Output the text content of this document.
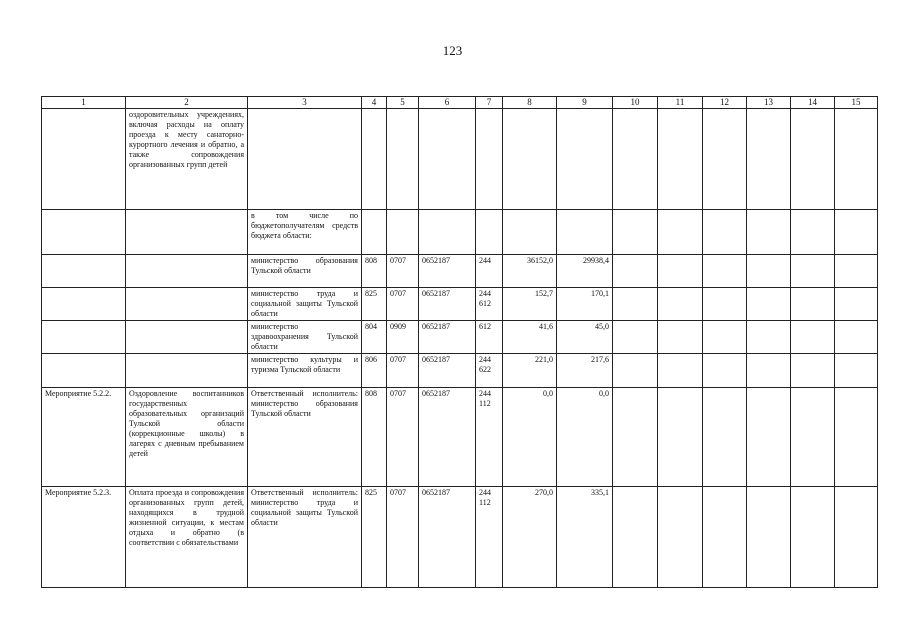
123
1	2	3	4	5	6	7	8	9	10	11	12	13	14	15
	оздоровительных учреждениях, включая расходы на оплату проезда к месту санаторно-курортного лечения и обратно, а также сопровождения организованных групп детей													
		в том числе по бюджетополучателям средств бюджета области:												
		министерство образования Тульской области	808	0707	0652187	244	36152,0	29938,4						
		министерство труда и социальной защиты Тульской области	825	0707	0652187	244 612	152,7	170,1						
		министерство здравоохранения Тульской области	804	0909	0652187	612	41,6	45,0						
		министерство культуры и туризма Тульской области	806	0707	0652187	244 622	221,0	217,6						
Мероприятие 5.2.2.	Оздоровление воспитанников государственных образовательных организаций Тульской области (коррекционные школы) в лагерях с дневным пребыванием детей	Ответственный исполнитель: министерство образования Тульской области	808	0707	0652187	244 112	0,0	0,0						
Мероприятие 5.2.3.	Оплата проезда и сопровождения организованных групп детей, находящихся в трудной жизненной ситуации, к местам отдыха и обратно (в соответствии с обязательствами	Ответственный исполнитель: министерство труда и социальной защиты Тульской области	825	0707	0652187	244 112	270,0	335,1						
